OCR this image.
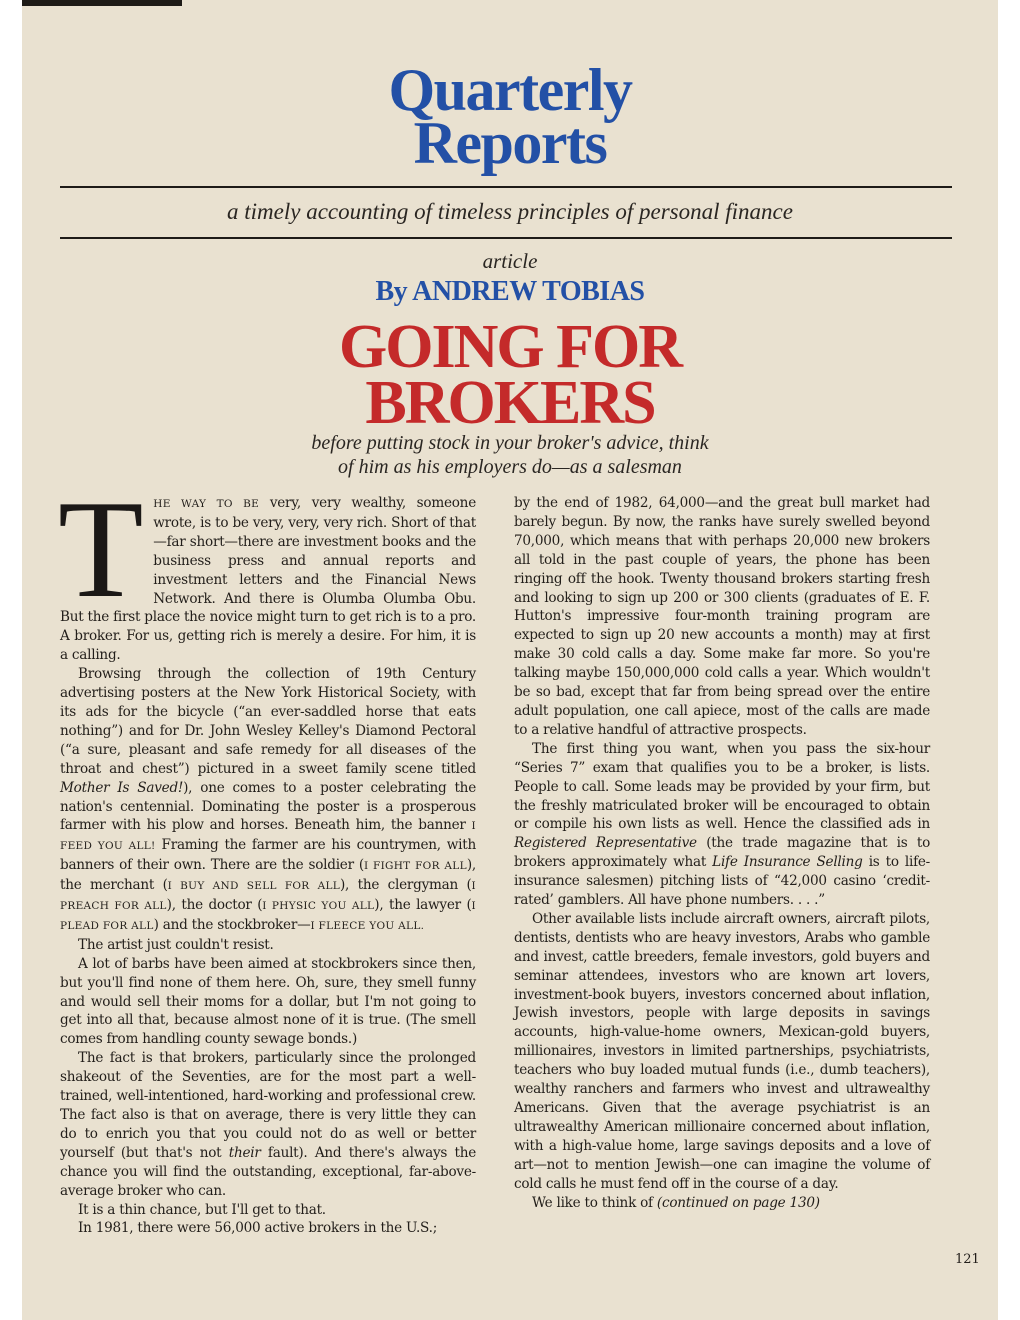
Quarterly
Reports
a timely accounting of timeless principles of personal finance
article
By ANDREW TOBIAS
GOING FOR
BROKERS
before putting stock in your broker's advice, think
of him as his employers do—as a salesman

THE WAY TO BE very, very wealthy, someone wrote, is to be very, very, very rich. Short of that—far short—there are investment books and the business press and annual reports and investment letters and the Financial News Network. And there is Olumba Olumba Obu. But the first place the novice might turn to get rich is to a pro. A broker. For us, getting rich is merely a desire. For him, it is a calling.

Browsing through the collection of 19th Century advertising posters at the New York Historical Society, with its ads for the bicycle (“an ever-saddled horse that eats nothing”) and for Dr. John Wesley Kelley's Diamond Pectoral (“a sure, pleasant and safe remedy for all diseases of the throat and chest”) pictured in a sweet family scene titled Mother Is Saved!), one comes to a poster celebrating the nation's centennial. Dominating the poster is a prosperous farmer with his plow and horses. Beneath him, the banner I FEED YOU ALL! Framing the farmer are his countrymen, with banners of their own. There are the soldier (I FIGHT FOR ALL), the merchant (I BUY AND SELL FOR ALL), the clergyman (I PREACH FOR ALL), the doctor (I PHYSIC YOU ALL), the lawyer (I PLEAD FOR ALL) and the stockbroker—I FLEECE YOU ALL.

The artist just couldn't resist.

A lot of barbs have been aimed at stockbrokers since then, but you'll find none of them here. Oh, sure, they smell funny and would sell their moms for a dollar, but I'm not going to get into all that, because almost none of it is true. (The smell comes from handling county sewage bonds.)

The fact is that brokers, particularly since the prolonged shakeout of the Seventies, are for the most part a well-trained, well-intentioned, hard-working and professional crew. The fact also is that on average, there is very little they can do to enrich you that you could not do as well or better yourself (but that's not their fault). And there's always the chance you will find the outstanding, exceptional, far-above-average broker who can.

It is a thin chance, but I'll get to that.

In 1981, there were 56,000 active brokers in the U.S.;

by the end of 1982, 64,000—and the great bull market had barely begun. By now, the ranks have surely swelled beyond 70,000, which means that with perhaps 20,000 new brokers all told in the past couple of years, the phone has been ringing off the hook. Twenty thousand brokers starting fresh and looking to sign up 200 or 300 clients (graduates of E. F. Hutton's impressive four-month training program are expected to sign up 20 new accounts a month) may at first make 30 cold calls a day. Some make far more. So you're talking maybe 150,000,000 cold calls a year. Which wouldn't be so bad, except that far from being spread over the entire adult population, one call apiece, most of the calls are made to a relative handful of attractive prospects.

The first thing you want, when you pass the six-hour “Series 7” exam that qualifies you to be a broker, is lists. People to call. Some leads may be provided by your firm, but the freshly matriculated broker will be encouraged to obtain or compile his own lists as well. Hence the classified ads in Registered Representative (the trade magazine that is to brokers approximately what Life Insurance Selling is to life-insurance salesmen) pitching lists of “42,000 casino ‘credit-rated’ gamblers. All have phone numbers. . . .”

Other available lists include aircraft owners, aircraft pilots, dentists, dentists who are heavy investors, Arabs who gamble and invest, cattle breeders, female investors, gold buyers and seminar attendees, investors who are known art lovers, investment-book buyers, investors concerned about inflation, Jewish investors, people with large deposits in savings accounts, high-value-home owners, Mexican-gold buyers, millionaires, investors in limited partnerships, psychiatrists, teachers who buy loaded mutual funds (i.e., dumb teachers), wealthy ranchers and farmers who invest and ultrawealthy Americans. Given that the average psychiatrist is an ultrawealthy American millionaire concerned about inflation, with a high-value home, large savings deposits and a love of art—not to mention Jewish—one can imagine the volume of cold calls he must fend off in the course of a day.

We like to think of (continued on page 130)

121
